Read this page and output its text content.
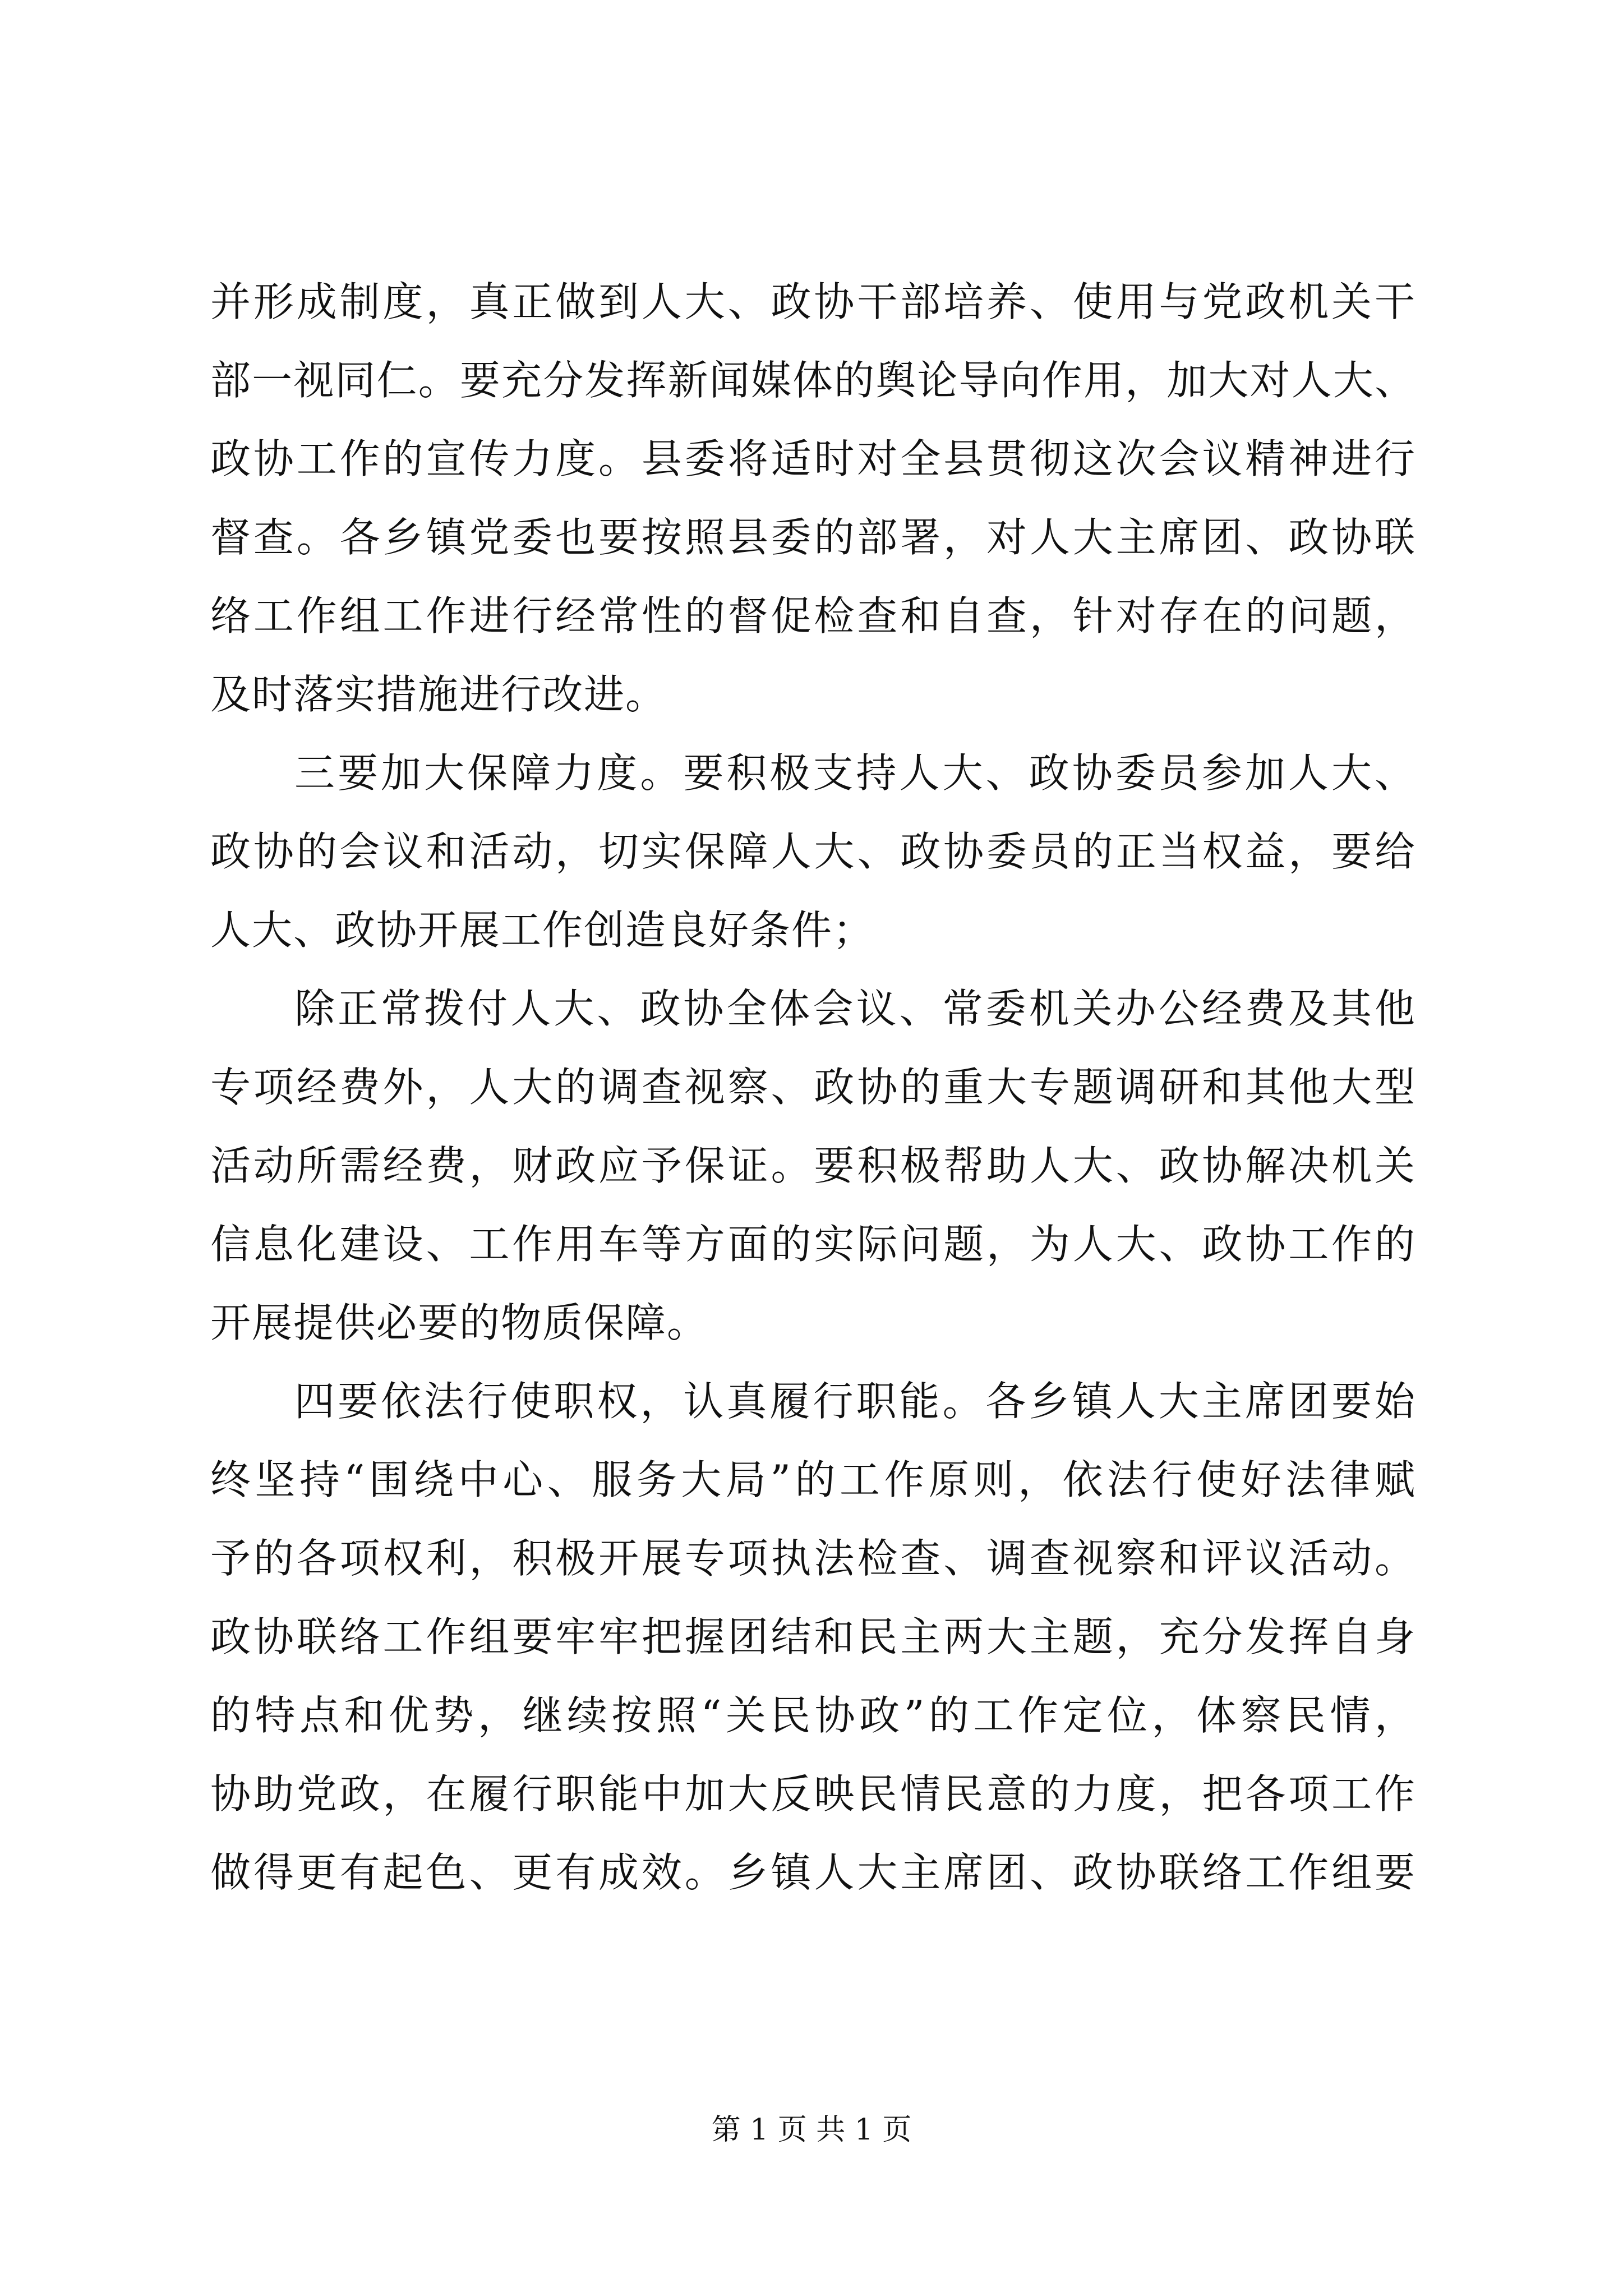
并形成制度，真正做到人大、政协干部培养、使用与党政机关干
部一视同仁。要充分发挥新闻媒体的舆论导向作用，加大对人大、
政协工作的宣传力度。县委将适时对全县贯彻这次会议精神进行
督查。各乡镇党委也要按照县委的部署，对人大主席团、政协联
络工作组工作进行经常性的督促检查和自查，针对存在的问题，
及时落实措施进行改进。
三要加大保障力度。要积极支持人大、政协委员参加人大、
政协的会议和活动，切实保障人大、政协委员的正当权益，要给
人大、政协开展工作创造良好条件；
除正常拨付人大、政协全体会议、常委机关办公经费及其他
专项经费外，人大的调查视察、政协的重大专题调研和其他大型
活动所需经费，财政应予保证。要积极帮助人大、政协解决机关
信息化建设、工作用车等方面的实际问题，为人大、政协工作的
开展提供必要的物质保障。
四要依法行使职权，认真履行职能。各乡镇人大主席团要始
终坚持“围绕中心、服务大局”的工作原则，依法行使好法律赋
予的各项权利，积极开展专项执法检查、调查视察和评议活动。
政协联络工作组要牢牢把握团结和民主两大主题，充分发挥自身
的特点和优势，继续按照“关民协政”的工作定位，体察民情，
协助党政，在履行职能中加大反映民情民意的力度，把各项工作
做得更有起色、更有成效。乡镇人大主席团、政协联络工作组要
第 1 页 共 1 页
